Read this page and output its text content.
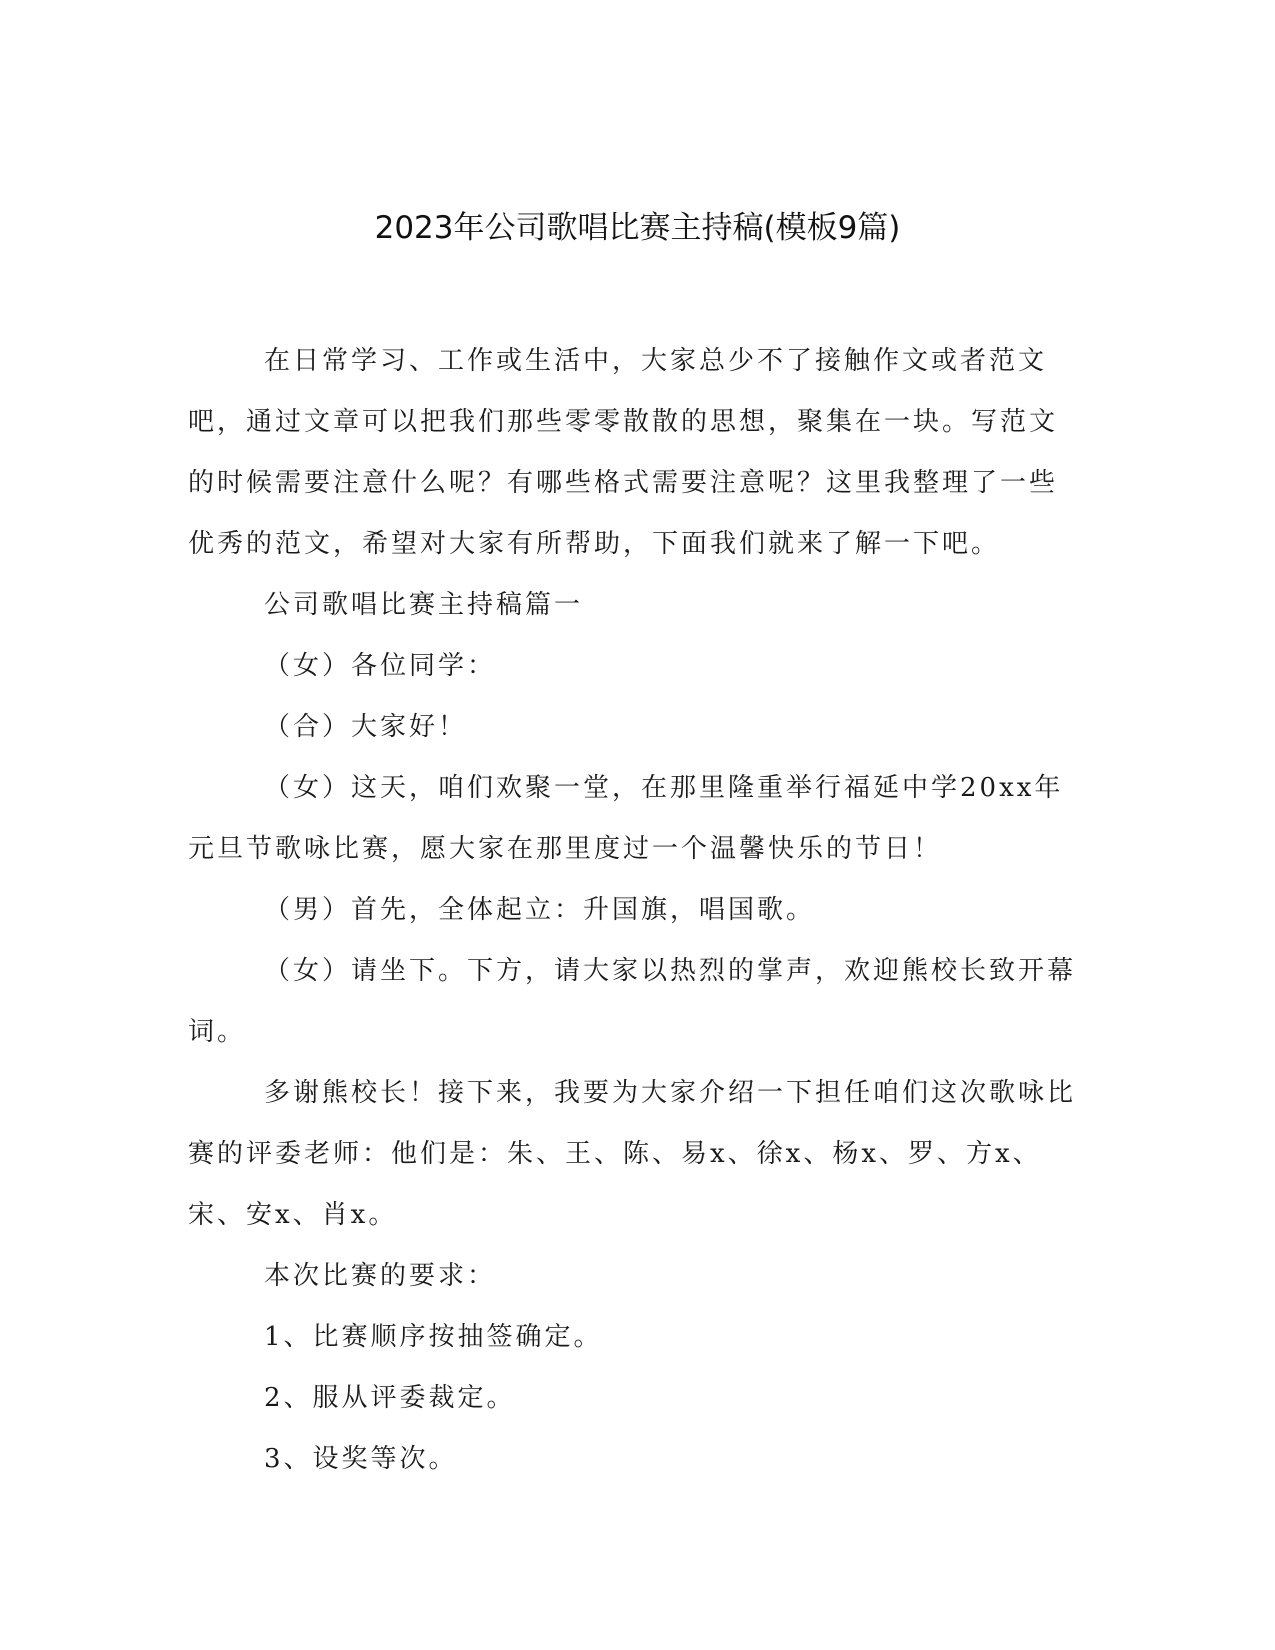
2023年公司歌唱比赛主持稿(模板9篇)

在日常学习、工作或生活中，大家总少不了接触作文或者范文吧，通过文章可以把我们那些零零散散的思想，聚集在一块。写范文的时候需要注意什么呢？有哪些格式需要注意呢？这里我整理了一些优秀的范文，希望对大家有所帮助，下面我们就来了解一下吧。

公司歌唱比赛主持稿篇一

（女）各位同学：

（合）大家好！

（女）这天，咱们欢聚一堂，在那里隆重举行福延中学20xx年元旦节歌咏比赛，愿大家在那里度过一个温馨快乐的节日！

（男）首先，全体起立：升国旗，唱国歌。

（女）请坐下。下方，请大家以热烈的掌声，欢迎熊校长致开幕词。

多谢熊校长！接下来，我要为大家介绍一下担任咱们这次歌咏比赛的评委老师：他们是：朱、王、陈、易x、徐x、杨x、罗、方x、宋、安x、肖x。

本次比赛的要求：

1、比赛顺序按抽签确定。

2、服从评委裁定。

3、设奖等次。
